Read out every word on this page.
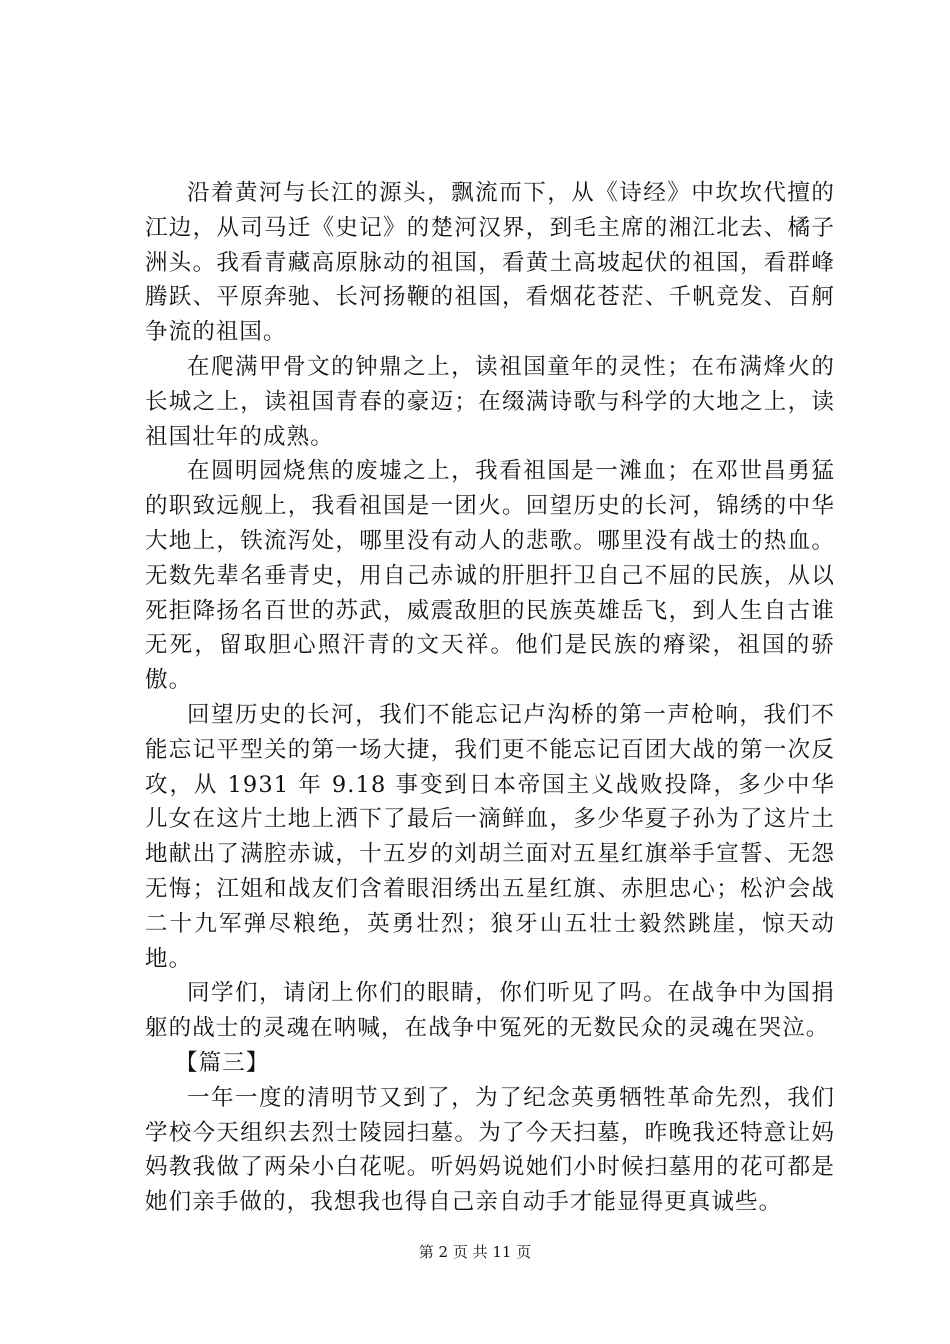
沿着黄河与长江的源头，飘流而下，从《诗经》中坎坎代擅的江边，从司马迁《史记》的楚河汉界，到毛主席的湘江北去、橘子洲头。我看青藏高原脉动的祖国，看黄土高坡起伏的祖国，看群峰腾跃、平原奔驰、长河扬鞭的祖国，看烟花苍茫、千帆竞发、百舸争流的祖国。

在爬满甲骨文的钟鼎之上，读祖国童年的灵性；在布满烽火的长城之上，读祖国青春的豪迈；在缀满诗歌与科学的大地之上，读祖国壮年的成熟。

在圆明园烧焦的废墟之上，我看祖国是一滩血；在邓世昌勇猛的职致远舰上，我看祖国是一团火。回望历史的长河，锦绣的中华大地上，铁流泻处，哪里没有动人的悲歌。哪里没有战士的热血。无数先辈名垂青史，用自己赤诚的肝胆扞卫自己不屈的民族，从以死拒降扬名百世的苏武，威震敌胆的民族英雄岳飞，到人生自古谁无死，留取胆心照汗青的文天祥。他们是民族的瘠梁，祖国的骄傲。

回望历史的长河，我们不能忘记卢沟桥的第一声枪响，我们不能忘记平型关的第一场大捷，我们更不能忘记百团大战的第一次反攻，从 1931 年 9.18 事变到日本帝国主义战败投降，多少中华儿女在这片土地上洒下了最后一滴鲜血，多少华夏子孙为了这片土地献出了满腔赤诚，十五岁的刘胡兰面对五星红旗举手宣誓、无怨无悔；江姐和战友们含着眼泪绣出五星红旗、赤胆忠心；松沪会战二十九军弹尽粮绝，英勇壮烈；狼牙山五壮士毅然跳崖，惊天动地。

同学们，请闭上你们的眼睛，你们听见了吗。在战争中为国捐躯的战士的灵魂在呐喊，在战争中冤死的无数民众的灵魂在哭泣。

【篇三】

一年一度的清明节又到了，为了纪念英勇牺牲革命先烈，我们学校今天组织去烈士陵园扫墓。为了今天扫墓，昨晚我还特意让妈妈教我做了两朵小白花呢。听妈妈说她们小时候扫墓用的花可都是她们亲手做的，我想我也得自己亲自动手才能显得更真诚些。

第 2 页 共 11 页
